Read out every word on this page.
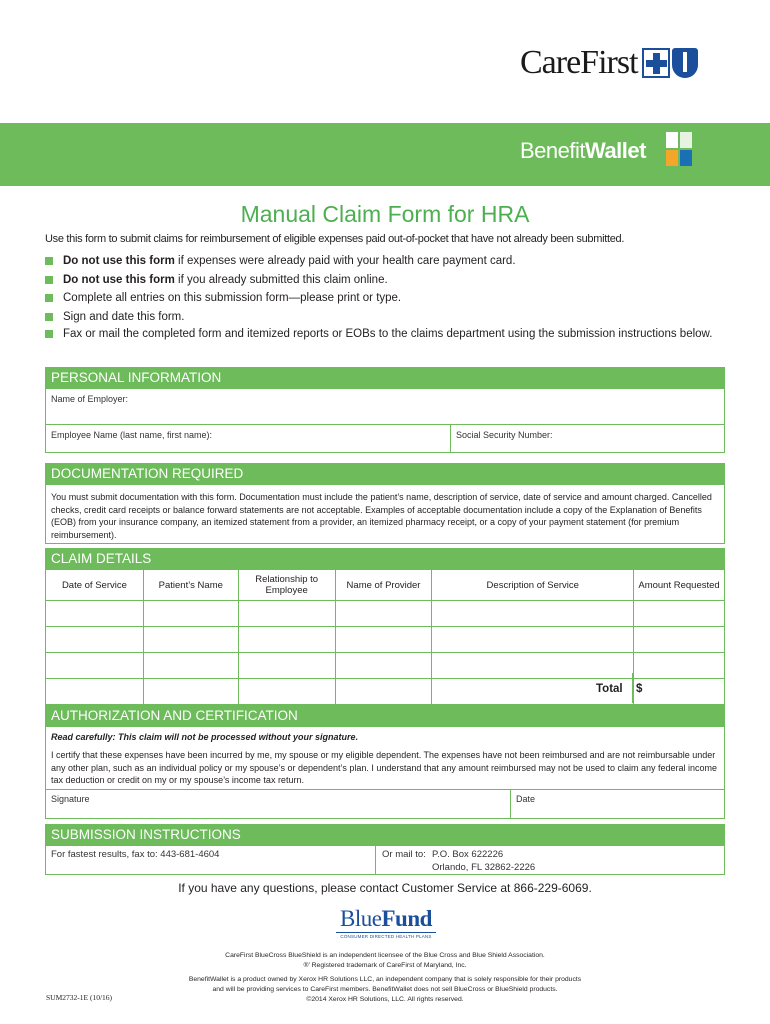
CareFirst
BenefitWallet
Manual Claim Form for HRA
Use this form to submit claims for reimbursement of eligible expenses paid out-of-pocket that have not already been submitted.
Do not use this form if expenses were already paid with your health care payment card.
Do not use this form if you already submitted this claim online.
Complete all entries on this submission form—please print or type.
Sign and date this form.
Fax or mail the completed form and itemized reports or EOBs to the claims department using the submission instructions below.
PERSONAL INFORMATION
Name of Employer:
Employee Name (last name, first name):	Social Security Number:
DOCUMENTATION REQUIRED
You must submit documentation with this form. Documentation must include the patient’s name, description of service, date of service and amount charged. Cancelled checks, credit card receipts or balance forward statements are not acceptable. Examples of acceptable documentation include a copy of the Explanation of Benefits (EOB) from your insurance company, an itemized statement from a provider, an itemized pharmacy receipt, or a copy of your payment statement (for premium reimbursement).
CLAIM DETAILS
Date of Service	Patient’s Name	Relationship to Employee	Name of Provider	Description of Service	Amount Requested

Total $
AUTHORIZATION AND CERTIFICATION
Read carefully: This claim will not be processed without your signature.
I certify that these expenses have been incurred by me, my spouse or my eligible dependent. The expenses have not been reimbursed and are not reimbursable under any other plan, such as an individual policy or my spouse’s or dependent’s plan. I understand that any amount reimbursed may not be used to claim any federal income tax deduction or credit on my or my spouse’s income tax return.
Signature	Date
SUBMISSION INSTRUCTIONS
For fastest results, fax to: 443-681-4604	Or mail to: P.O. Box 622226
Orlando, FL 32862-2226
If you have any questions, please contact Customer Service at 866-229-6069.
BlueFund
CONSUMER DIRECTED HEALTH PLANS
CareFirst BlueCross BlueShield is an independent licensee of the Blue Cross and Blue Shield Association.
®’ Registered trademark of CareFirst of Maryland, Inc.
BenefitWallet is a product owned by Xerox HR Solutions LLC, an independent company that is solely responsible for their products
and will be providing services to CareFirst members. BenefitWallet does not sell BlueCross or BlueShield products.
©2014 Xerox HR Solutions, LLC. All rights reserved.
SUM2732-1E (10/16)
